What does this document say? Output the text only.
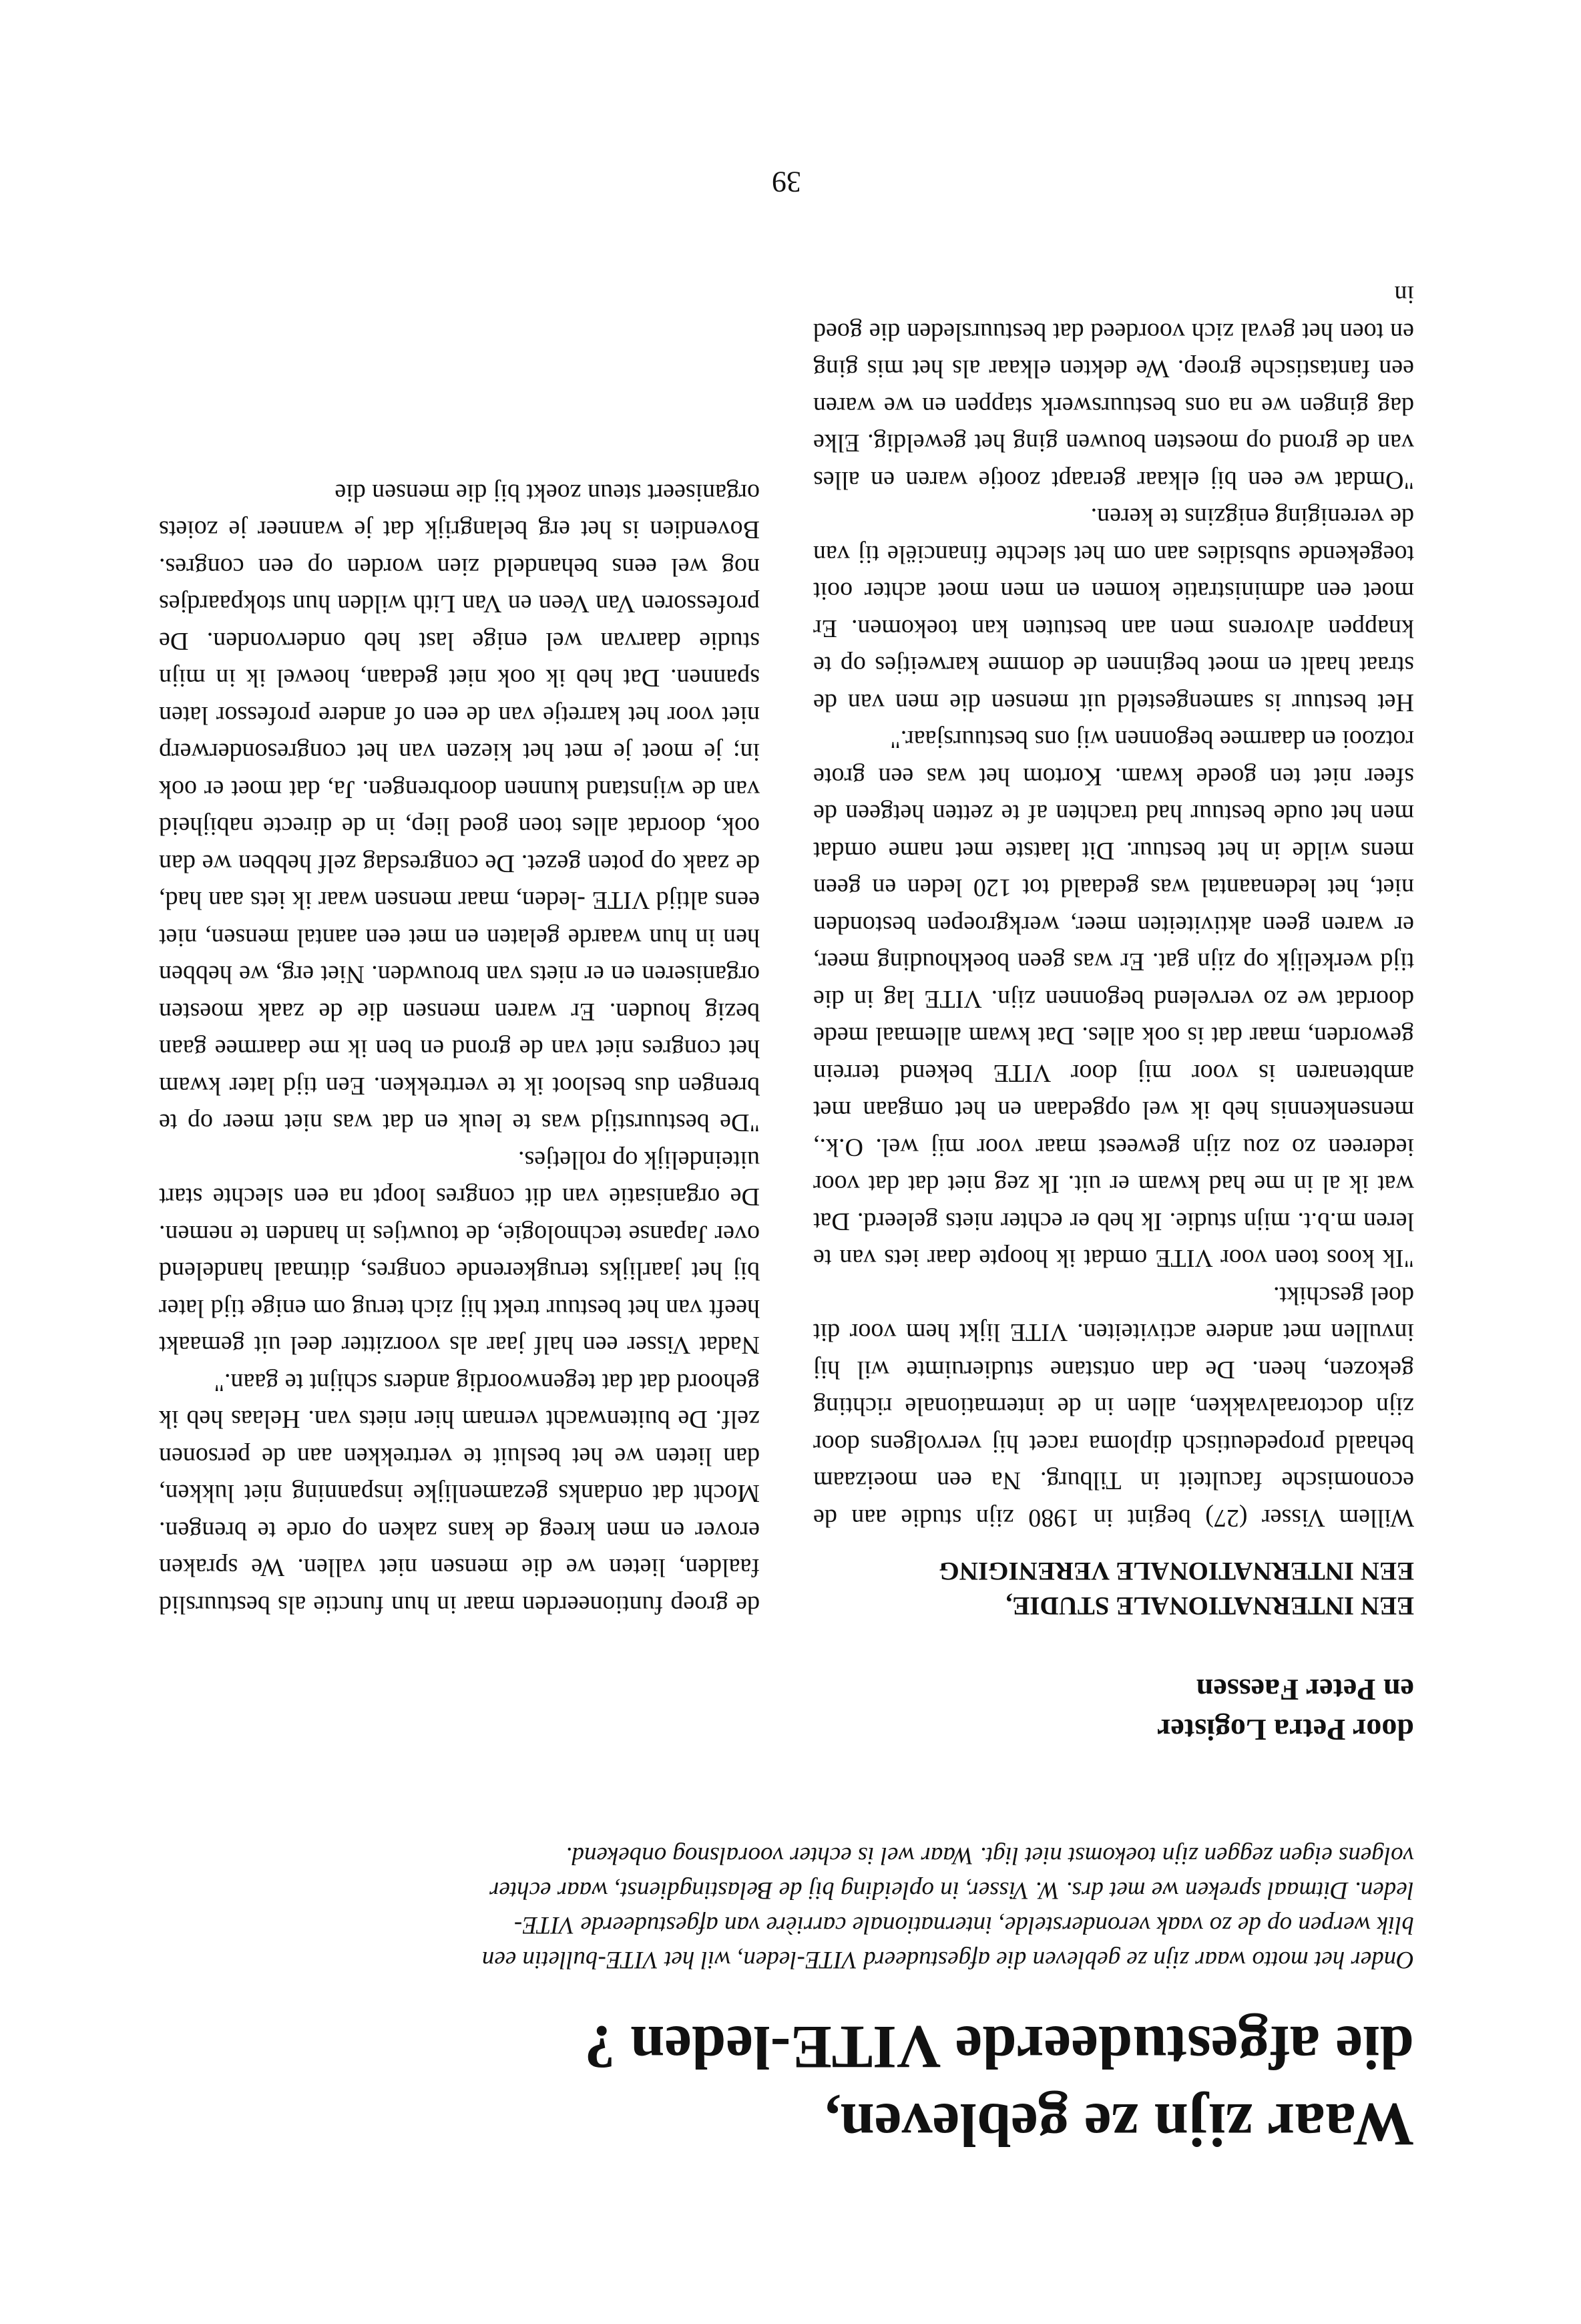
Waar zijn ze gebleven,
die afgestudeerde VITE-leden ?

Onder het motto waar zijn ze gebleven die afgestudeerd VITE-leden, wil het VITE-bulletin een blik werpen op de zo vaak veronderstelde, internationale carrière van afgestudeerde VITE-leden. Ditmaal spreken we met drs. W. Visser, in opleiding bij de Belastingdienst, waar echter volgens eigen zeggen zijn toekomst niet ligt. Waar wel is echter vooralsnog onbekend.

door Petra Logister
en Peter Faessen
EEN INTERNATIONALE STUDIE,
EEN INTERNATIONALE VERENIGING

Willem Visser (27) begint in 1980 zijn studie aan de economische faculteit in Tilburg. Na een moeizaam behaald propedeutisch diploma racet hij vervolgens door zijn doctoraalvakken, allen in de internationale richting gekozen, heen. De dan ontstane studieruimte wil hij invullen met andere activiteiten. VITE lijkt hem voor dit doel geschikt.

"Ik koos toen voor VITE omdat ik hoopte daar iets van te leren m.b.t. mijn studie. Ik heb er echter niets geleerd. Dat wat ik al in me had kwam er uit. Ik zeg niet dat dat voor iedereen zo zou zijn geweest maar voor mij wel. O.k., mensenkennis heb ik wel opgedaan en het omgaan met ambtenaren is voor mij door VITE bekend terrein geworden, maar dat is ook alles. Dat kwam allemaal mede doordat we zo vervelend begonnen zijn. VITE lag in die tijd werkelijk op zijn gat. Er was geen boekhouding meer, er waren geen aktiviteiten meer, werkgroepen bestonden niet, het ledenaantal was gedaald tot 120 leden en geen mens wilde in het bestuur. Dit laatste met name omdat men het oude bestuur had trachten af te zetten hetgeen de sfeer niet ten goede kwam. Kortom het was een grote rotzooi en daarmee begonnen wij ons bestuursjaar."

Het bestuur is samengesteld uit mensen die men van de straat haalt en moet beginnen de domme karweitjes op te knappen alvorens men aan bestuten kan toekomen. Er moet een administratie komen en men moet achter ooit toegekende subsidies aan om het slechte financiële tij van de vereniging enigzins te keren.

"Omdat we een bij elkaar geraapt zootje waren en alles van de grond op moesten bouwen ging het geweldig. Elke dag gingen we na ons bestuurswerk stappen en we waren een fantastische groep. We dekten elkaar als het mis ging en toen het geval zich voordeed dat bestuursleden die goed in

de groep funtioneerden maar in hun functie als bestuurslid faalden, lieten we die mensen niet vallen. We spraken erover en men kreeg de kans zaken op orde te brengen. Mocht dat ondanks gezamenlijke inspanning niet lukken, dan lieten we het besluit te vertrekken aan de personen zelf. De buitenwacht vernam hier niets van. Helaas heb ik gehoord dat dat tegenwoordig anders schijnt te gaan."

Nadat Visser een half jaar als voorzitter deel uit gemaakt heeft van het bestuur trekt hij zich terug om enige tijd later bij het jaarlijks terugkerende congres, ditmaal handelend over Japanse technologie, de touwtjes in handen te nemen. De organisatie van dit congres loopt na een slechte start uiteindelijk op rolletjes.

"De bestuurstijd was te leuk en dat was niet meer op te brengen dus besloot ik te vertrekken. Een tijd later kwam het congres niet van de grond en ben ik me daarmee gaan bezig houden. Er waren mensen die de zaak moesten organiseren en er niets van brouwden. Niet erg, we hebben hen in hun waarde gelaten en met een aantal mensen, niet eens altijd VITE -leden, maar mensen waar ik iets aan had, de zaak op poten gezet. De congresdag zelf hebben we dan ook, doordat alles toen goed liep, in de directe nabijheid van de wijnstand kunnen doorbrengen. Ja, dat moet er ook in; je moet je met het kiezen van het congresonderwerp niet voor het karretje van de een of andere professor laten spannen. Dat heb ik ook niet gedaan, hoewel ik in mijn studie daarvan wel enige last heb ondervonden. De professoren Van Veen en Van Lith wilden hun stokpaardjes nog wel eens behandeld zien worden op een congres. Bovendien is het erg belangrijk dat je wanneer je zoiets organiseert steun zoekt bij die mensen die

39
